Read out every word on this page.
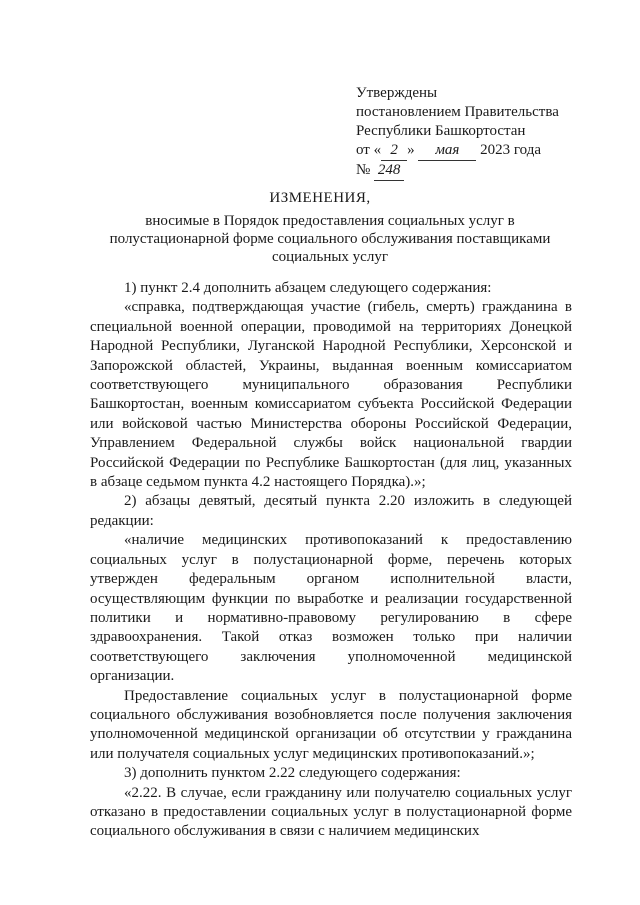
Утверждены
постановлением Правительства
Республики Башкортостан
от « 2 » мая 2023 года
№ 248
ИЗМЕНЕНИЯ,
вносимые в Порядок предоставления социальных услуг в полустационарной форме социального обслуживания поставщиками социальных услуг

1) пункт 2.4 дополнить абзацем следующего содержания:

«справка, подтверждающая участие (гибель, смерть) гражданина в специальной военной операции, проводимой на территориях Донецкой Народной Республики, Луганской Народной Республики, Херсонской и Запорожской областей, Украины, выданная военным комиссариатом соответствующего муниципального образования Республики Башкортостан, военным комиссариатом субъекта Российской Федерации или войсковой частью Министерства обороны Российской Федерации, Управлением Федеральной службы войск национальной гвардии Российской Федерации по Республике Башкортостан (для лиц, указанных в абзаце седьмом пункта 4.2 настоящего Порядка).»;

2) абзацы девятый, десятый пункта 2.20 изложить в следующей редакции:

«наличие медицинских противопоказаний к предоставлению социальных услуг в полустационарной форме, перечень которых утвержден федеральным органом исполнительной власти, осуществляющим функции по выработке и реализации государственной политики и нормативно-правовому регулированию в сфере здравоохранения. Такой отказ возможен только при наличии соответствующего заключения уполномоченной медицинской организации.

Предоставление социальных услуг в полустационарной форме социального обслуживания возобновляется после получения заключения уполномоченной медицинской организации об отсутствии у гражданина или получателя социальных услуг медицинских противопоказаний.»;

3) дополнить пунктом 2.22 следующего содержания:

«2.22. В случае, если гражданину или получателю социальных услуг отказано в предоставлении социальных услуг в полустационарной форме социального обслуживания в связи с наличием медицинских
